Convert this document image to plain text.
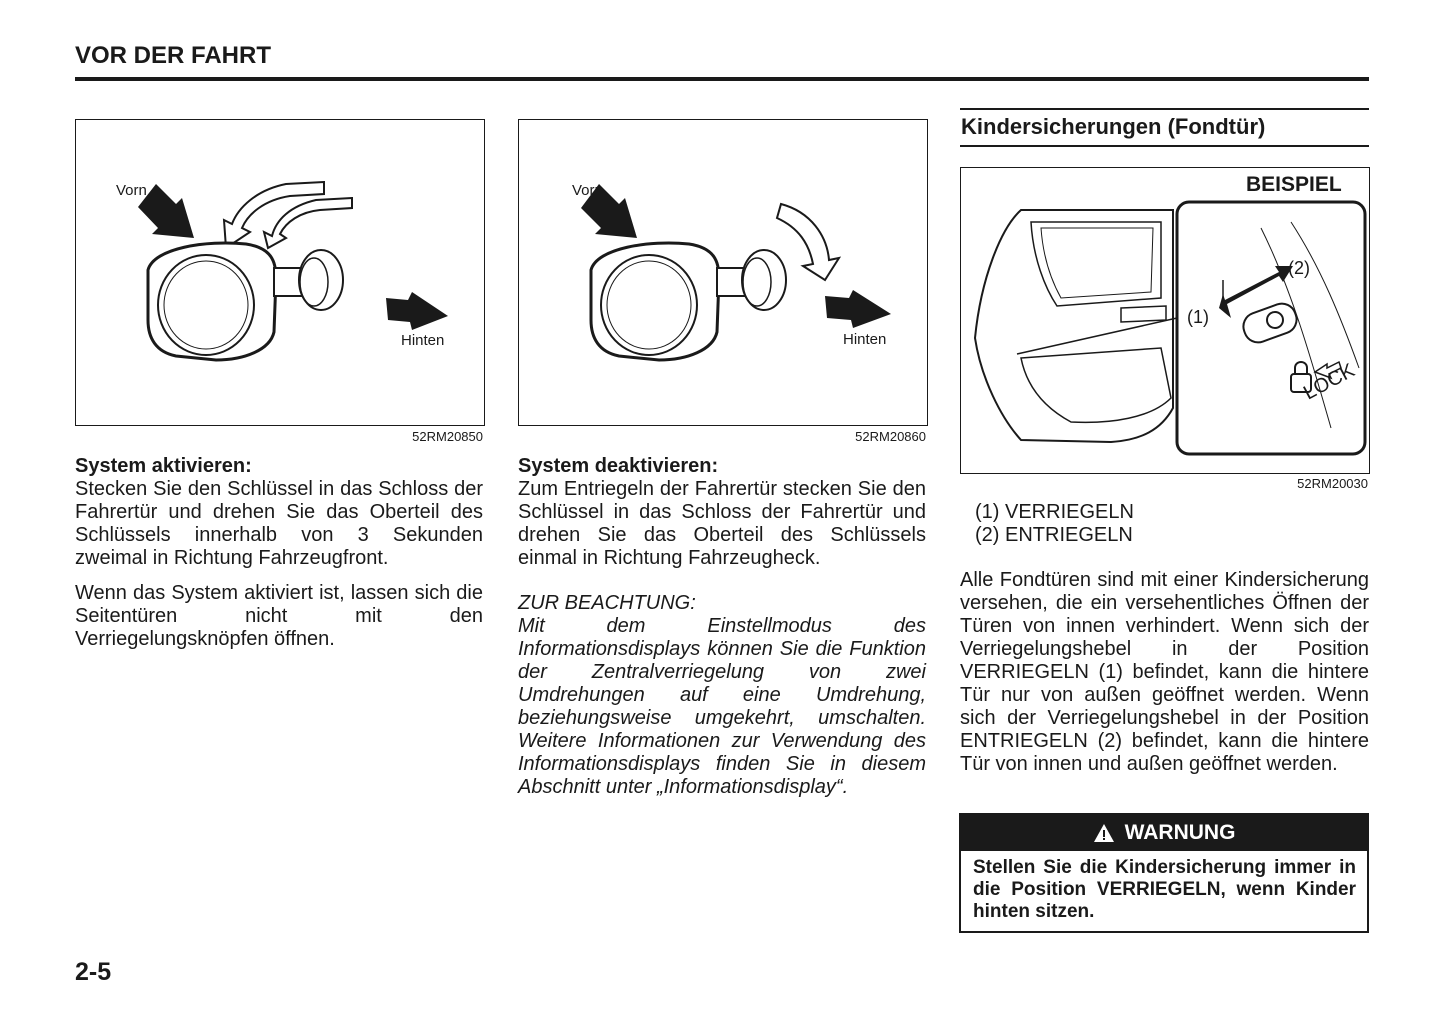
VOR DER FAHRT
Vorn
Hinten
52RM20850
Vorn
Hinten
52RM20860

System aktivieren:
Stecken Sie den Schlüssel in das Schloss der Fahrertür und drehen Sie das Oberteil des Schlüssels innerhalb von 3 Sekunden zweimal in Richtung Fahrzeugfront.

Wenn das System aktiviert ist, lassen sich die Seitentüren nicht mit den Verriegelungsknöpfen öffnen.

System deaktivieren:
Zum Entriegeln der Fahrertür stecken Sie den Schlüssel in das Schloss der Fahrertür und drehen Sie das Oberteil des Schlüssels einmal in Richtung Fahrzeugheck.

ZUR BEACHTUNG:
Mit dem Einstellmodus des Informationsdisplays können Sie die Funktion der Zentralverriegelung von zwei Umdrehungen auf eine Umdrehung, beziehungsweise umgekehrt, umschalten. Weitere Informationen zur Verwendung des Informationsdisplays finden Sie in diesem Abschnitt unter „Informationsdisplay“.

Kindersicherungen (Fondtür)
BEISPIEL
(2)
(1)
LOCK
52RM20030
(1) VERRIEGELN
(2) ENTRIEGELN

Alle Fondtüren sind mit einer Kindersicherung versehen, die ein versehentliches Öffnen der Türen von innen verhindert. Wenn sich der Verriegelungshebel in der Position VERRIEGELN (1) befindet, kann die hintere Tür nur von außen geöffnet werden. Wenn sich der Verriegelungshebel in der Position ENTRIEGELN (2) befindet, kann die hintere Tür von innen und außen geöffnet werden.

WARNUNG
Stellen Sie die Kindersicherung immer in die Position VERRIEGELN, wenn Kinder hinten sitzen.
2-5
